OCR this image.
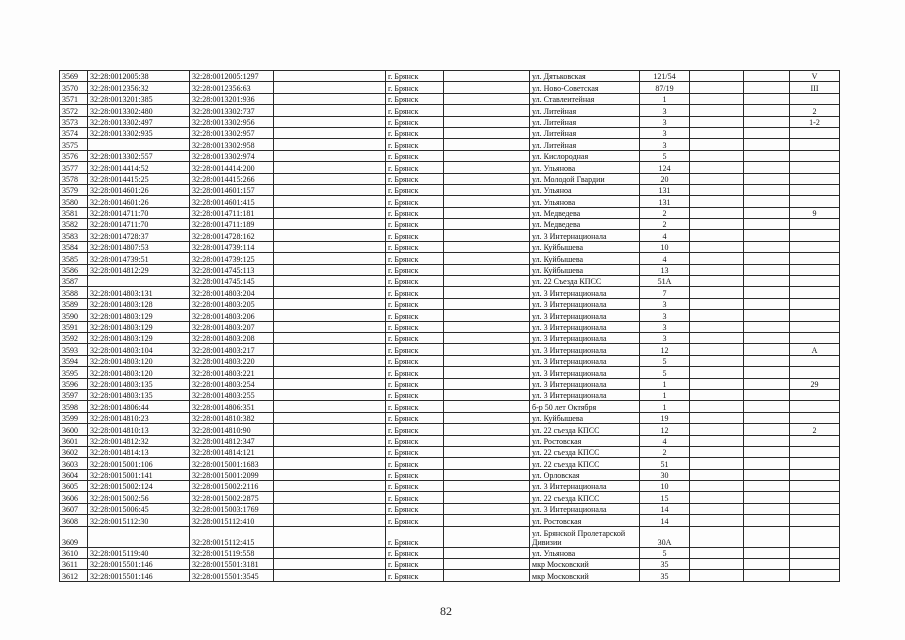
3569	32:28:0012005:38	32:28:0012005:1297		г. Брянск		ул. Дятьковская	121/54			V
3570	32:28:0012356:32	32:28:0012356:63		г. Брянск		ул. Ново-Советская	87/19			III
3571	32:28:0013201:385	32:28:0013201:936		г. Брянск		ул. Ставлеитейная	1			
3572	32:28:0013302:480	32:28:0013302:737		г. Брянск		ул. Литейная	3			2
3573	32:28:0013302:497	32:28:0013302:956		г. Брянск		ул. Литейная	3			1-2
3574	32:28:0013302:935	32:28:0013302:957		г. Брянск		ул. Литейная	3			
3575		32:28:0013302:958		г. Брянск		ул. Литейная	3			
3576	32:28:0013302:557	32:28:0013302:974		г. Брянск		ул. Кислородная	5			
3577	32:28:0014414:52	32:28:0014414:200		г. Брянск		ул. Ульянова	124			
3578	32:28:0014415:25	32:28:0014415:266		г. Брянск		ул. Молодой Гвардии	20			
3579	32:28:0014601:26	32:28:0014601:157		г. Брянск		ул. Ульяноа	131			
3580	32:28:0014601:26	32:28:0014601:415		г. Брянск		ул. Ульянова	131			
3581	32:28:0014711:70	32:28:0014711:181		г. Брянск		ул. Медведева	2			9
3582	32:28:0014711:70	32:28:0014711:189		г. Брянск		ул. Медведева	2			
3583	32:28:0014728:37	32:28:0014728:162		г. Брянск		ул. 3 Интернационала	4			
3584	32:28:0014807:53	32:28:0014739:114		г. Брянск		ул. Куйбышева	10			
3585	32:28:0014739:51	32:28:0014739:125		г. Брянск		ул. Куйбышева	4			
3586	32:28:0014812:29	32:28:0014745:113		г. Брянск		ул. Куйбышева	13			
3587		32:28:0014745:145		г. Брянск		ул. 22 Съезда КПСС	51А			
3588	32:28:0014803:131	32:28:0014803:204		г. Брянск		ул. 3 Интернационала	7			
3589	32:28:0014803:128	32:28:0014803:205		г. Брянск		ул. 3 Интернационала	3			
3590	32:28:0014803:129	32:28:0014803:206		г. Брянск		ул. 3 Интернационала	3			
3591	32:28:0014803:129	32:28:0014803:207		г. Брянск		ул. 3 Интернационала	3			
3592	32:28:0014803:129	32:28:0014803:208		г. Брянск		ул. 3 Интернационала	3			
3593	32:28:0014803:104	32:28:0014803:217		г. Брянск		ул. 3 Интернационала	12			А
3594	32:28:0014803:120	32:28:0014803:220		г. Брянск		ул. 3 Интернационала	5			
3595	32:28:0014803:120	32:28:0014803:221		г. Брянск		ул. 3 Интернационала	5			
3596	32:28:0014803:135	32:28:0014803:254		г. Брянск		ул. 3 Интернационала	1			29
3597	32:28:0014803:135	32:28:0014803:255		г. Брянск		ул. 3 Интернационала	1			
3598	32:28:0014806:44	32:28:0014806:351		г. Брянск		б-р 50 лет Октября	1			
3599	32:28:0014810:23	32:28:0014810:382		г. Брянск		ул. Куйбышева	19			
3600	32:28:0014810:13	32:28:0014810:90		г. Брянск		ул. 22 съезда КПСС	12			2
3601	32:28:0014812:32	32:28:0014812:347		г. Брянск		ул. Ростовская	4			
3602	32:28:0014814:13	32:28:0014814:121		г. Брянск		ул. 22 съезда КПСС	2			
3603	32:28:0015001:106	32:28:0015001:1683		г. Брянск		ул. 22 съезда КПСС	51			
3604	32:28:0015001:141	32:28:0015001:2099		г. Брянск		ул. Орловская	30			
3605	32:28:0015002:124	32:28:0015002:2116		г. Брянск		ул. 3 Интернационала	10			
3606	32:28:0015002:56	32:28:0015002:2875		г. Брянск		ул. 22 съезда КПСС	15			
3607	32:28:0015006:45	32:28:0015003:1769		г. Брянск		ул. 3 Интернационала	14			
3608	32:28:0015112:30	32:28:0015112:410		г. Брянск		ул. Ростовская	14			
3609		32:28:0015112:415		г. Брянск		ул. Брянской Пролетарской Дивизии	30А			
3610	32:28:0015119:40	32:28:0015119:558		г. Брянск		ул. Ульянова	5			
3611	32:28:0015501:146	32:28:0015501:3181		г. Брянск		мкр Московский	35			
3612	32:28:0015501:146	32:28:0015501:3545		г. Брянск		мкр Московский	35			
82
